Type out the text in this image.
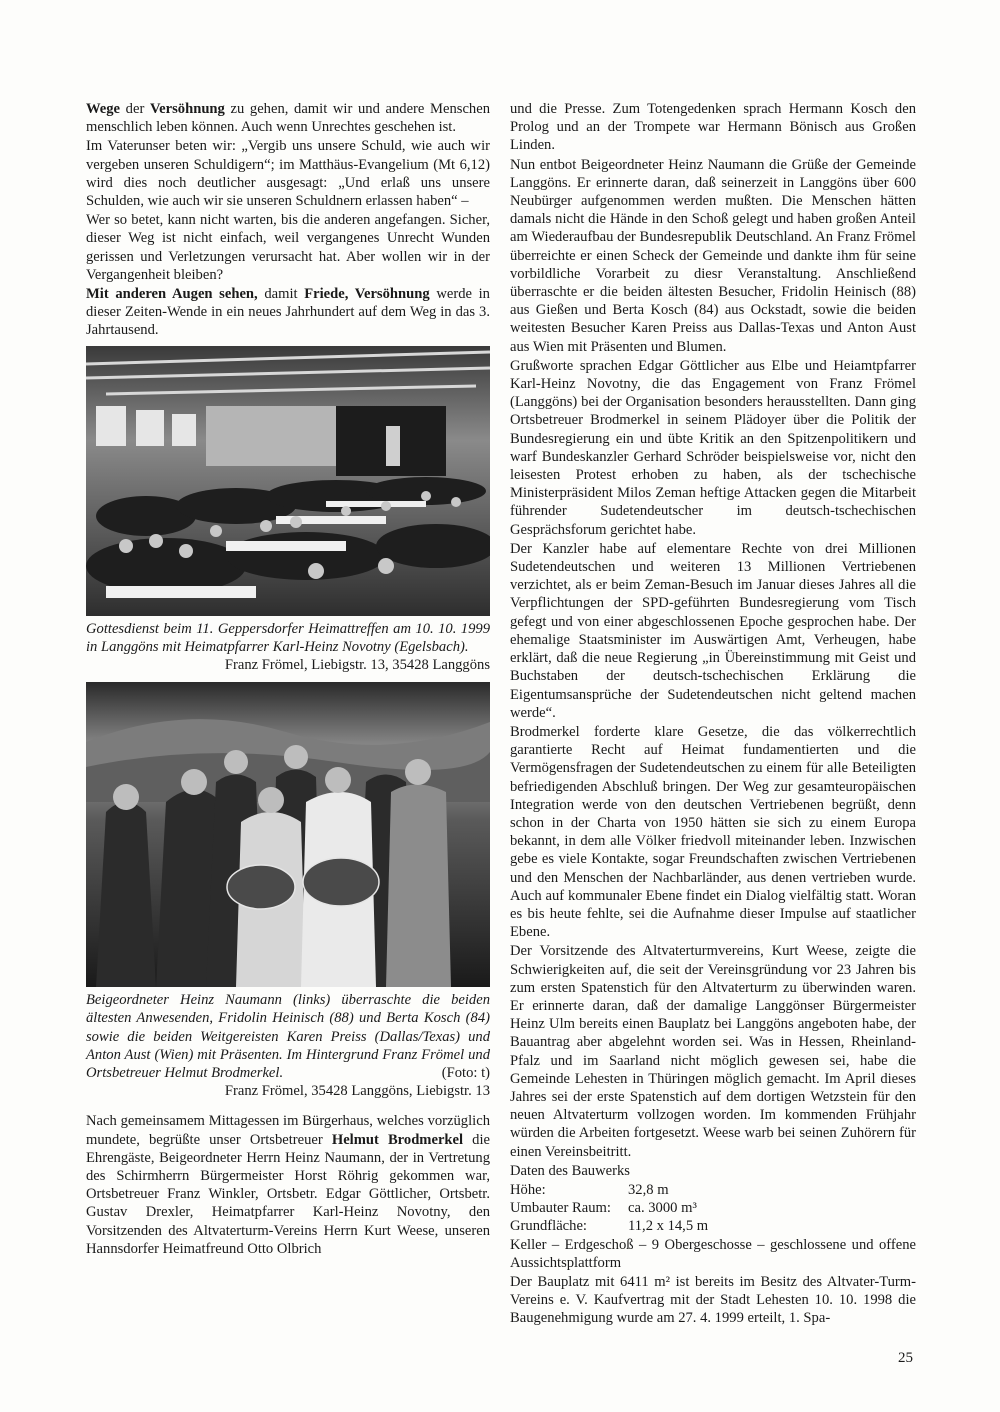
Wege der Versöhnung zu gehen, damit wir und andere Menschen menschlich leben können. Auch wenn Unrechtes geschehen ist.

Im Vaterunser beten wir: „Vergib uns unsere Schuld, wie auch wir vergeben unseren Schuldigern“; im Matthäus-Evangelium (Mt 6,12) wird dies noch deutlicher ausgesagt: „Und erlaß uns unsere Schulden, wie auch wir sie unseren Schuldnern erlassen haben“ –

Wer so betet, kann nicht warten, bis die anderen angefangen. Sicher, dieser Weg ist nicht einfach, weil vergangenes Unrecht Wunden gerissen und Verletzungen verursacht hat. Aber wollen wir in der Vergangenheit bleiben?

Mit anderen Augen sehen, damit Friede, Versöhnung werde in dieser Zeiten-Wende in ein neues Jahrhundert auf dem Weg in das 3. Jahrtausend.

Gottesdienst beim 11. Geppersdorfer Heimattreffen am 10. 10. 1999 in Langgöns mit Heimatpfarrer Karl-Heinz Novotny (Egelsbach).
Franz Frömel, Liebigstr. 13, 35428 Langgöns
Beigeordneter Heinz Naumann (links) überraschte die beiden ältesten Anwesenden, Fridolin Heinisch (88) und Berta Kosch (84) sowie die beiden Weitgereisten Karen Preiss (Dallas/Texas) und Anton Aust (Wien) mit Präsenten. Im Hintergrund Franz Frömel und Ortsbetreuer Helmut Brodmerkel.	(Foto: t)
Franz Frömel, 35428 Langgöns, Liebigstr. 13

Nach gemeinsamem Mittagessen im Bürgerhaus, welches vorzüglich mundete, begrüßte unser Ortsbetreuer Helmut Brodmerkel die Ehrengäste, Beigeordneter Herrn Heinz Naumann, der in Vertretung des Schirmherrn Bürgermeister Horst Röhrig gekommen war, Ortsbetreuer Franz Winkler, Ortsbetr. Edgar Göttlicher, Ortsbetr. Gustav Drexler, Heimatpfarrer Karl-Heinz Novotny, den Vorsitzenden des Altvaterturm-Vereins Herrn Kurt Weese, unseren Hannsdorfer Heimatfreund Otto Olbrich

und die Presse. Zum Totengedenken sprach Hermann Kosch den Prolog und an der Trompete war Hermann Bönisch aus Großen Linden.

Nun entbot Beigeordneter Heinz Naumann die Grüße der Gemeinde Langgöns. Er erinnerte daran, daß seinerzeit in Langgöns über 600 Neubürger aufgenommen werden mußten. Die Menschen hätten damals nicht die Hände in den Schoß gelegt und haben großen Anteil am Wiederaufbau der Bundesrepublik Deutschland. An Franz Frömel überreichte er einen Scheck der Gemeinde und dankte ihm für seine vorbildliche Vorarbeit zu diesr Veranstaltung. Anschließend überraschte er die beiden ältesten Besucher, Fridolin Heinisch (88) aus Gießen und Berta Kosch (84) aus Ockstadt, sowie die beiden weitesten Besucher Karen Preiss aus Dallas-Texas und Anton Aust aus Wien mit Präsenten und Blumen.

Grußworte sprachen Edgar Göttlicher aus Elbe und Heiamtpfarrer Karl-Heinz Novotny, die das Engagement von Franz Frömel (Langgöns) bei der Organisation besonders herausstellten. Dann ging Ortsbetreuer Brodmerkel in seinem Plädoyer über die Politik der Bundesregierung ein und übte Kritik an den Spitzenpolitikern und warf Bundeskanzler Gerhard Schröder beispielsweise vor, nicht den leisesten Protest erhoben zu haben, als der tschechische Ministerpräsident Milos Zeman heftige Attacken gegen die Mitarbeit führender Sudetendeutscher im deutsch-tschechischen Gesprächsforum gerichtet habe.

Der Kanzler habe auf elementare Rechte von drei Millionen Sudetendeutschen und weiteren 13 Millionen Vertriebenen verzichtet, als er beim Zeman-Besuch im Januar dieses Jahres all die Verpflichtungen der SPD-geführten Bundesregierung vom Tisch gefegt und von einer abgeschlossenen Epoche gesprochen habe. Der ehemalige Staatsminister im Auswärtigen Amt, Verheugen, habe erklärt, daß die neue Regierung „in Übereinstimmung mit Geist und Buchstaben der deutsch-tschechischen Erklärung die Eigentumsansprüche der Sudetendeutschen nicht geltend machen werde“.

Brodmerkel forderte klare Gesetze, die das völkerrechtlich garantierte Recht auf Heimat fundamentierten und die Vermögensfragen der Sudetendeutschen zu einem für alle Beteiligten befriedigenden Abschluß bringen. Der Weg zur gesamteuropäischen Integration werde von den deutschen Vertriebenen begrüßt, denn schon in der Charta von 1950 hätten sie sich zu einem Europa bekannt, in dem alle Völker friedvoll miteinander leben. Inzwischen gebe es viele Kontakte, sogar Freundschaften zwischen Vertriebenen und den Menschen der Nachbarländer, aus denen vertrieben wurde. Auch auf kommunaler Ebene findet ein Dialog vielfältig statt. Woran es bis heute fehlte, sei die Aufnahme dieser Impulse auf staatlicher Ebene.

Der Vorsitzende des Altvaterturmvereins, Kurt Weese, zeigte die Schwierigkeiten auf, die seit der Vereinsgründung vor 23 Jahren bis zum ersten Spatenstich für den Altvaterturm zu überwinden waren. Er erinnerte daran, daß der damalige Langgönser Bürgermeister Heinz Ulm bereits einen Bauplatz bei Langgöns angeboten habe, der Bauantrag aber abgelehnt worden sei. Was in Hessen, Rheinland-Pfalz und im Saarland nicht möglich gewesen sei, habe die Gemeinde Lehesten in Thüringen möglich gemacht. Im April dieses Jahres sei der erste Spatenstich auf dem dortigen Wetzstein für den neuen Altvaterturm vollzogen worden. Im kommenden Frühjahr würden die Arbeiten fortgesetzt. Weese warb bei seinen Zuhörern für einen Vereinsbeitritt.

Daten des Bauwerks

Höhe:	32,8 m
Umbauter Raum:	ca. 3000 m³
Grundfläche:	11,2 x 14,5 m

Keller – Erdgeschoß – 9 Obergeschosse – geschlossene und offene Aussichtsplattform

Der Bauplatz mit 6411 m² ist bereits im Besitz des Altvater-Turm-Vereins e. V. Kaufvertrag mit der Stadt Lehesten 10. 10. 1998 die Baugenehmigung wurde am 27. 4. 1999 erteilt, 1. Spa-

25
